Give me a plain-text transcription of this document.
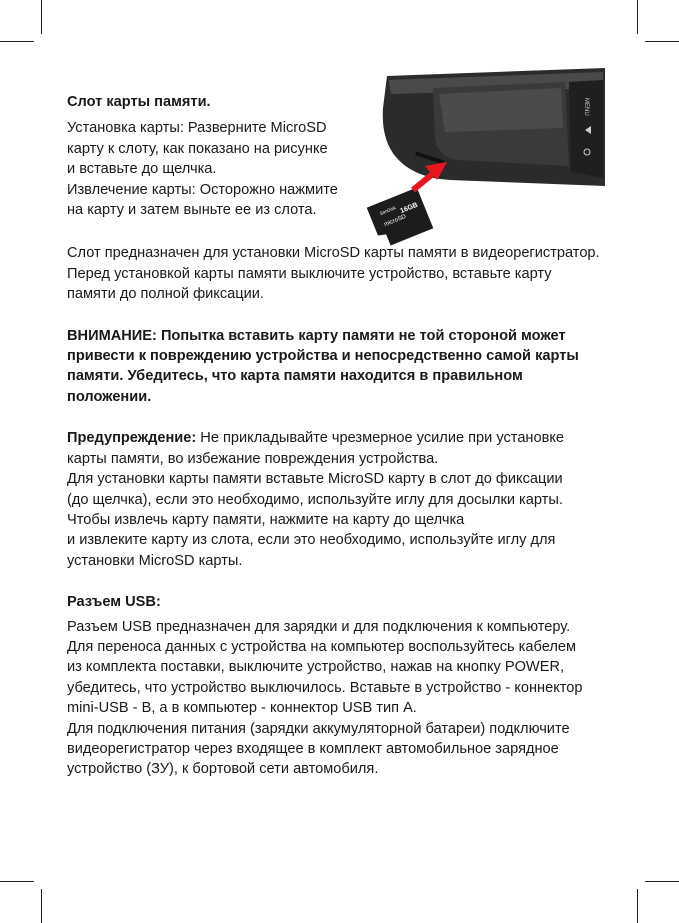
MENU
16GB
microSD
SanDisk

Слот карты памяти.

Установка карты: Разверните MicroSD

карту к слоту, как показано на рисунке

и вставьте до щелчка.

Извлечение карты: Осторожно нажмите

на карту и затем выньте ее из слота.

Слот предназначен для установки MicroSD карты памяти в видеорегистратор.

Перед установкой карты памяти выключите устройство, вставьте карту

памяти до полной фиксации.

ВНИМАНИЕ: Попытка вставить карту памяти не той стороной может

привести к повреждению устройства и непосредственно самой карты

памяти. Убедитесь, что карта памяти находится в правильном

положении.

Предупреждение: Не прикладывайте чрезмерное усилие при установке

карты памяти, во избежание повреждения устройства.

Для установки карты памяти вставьте MicroSD карту в слот до фиксации

(до щелчка), если это необходимо, используйте иглу для досылки карты.

Чтобы извлечь карту памяти, нажмите на карту до щелчка

и извлеките карту из слота, если это необходимо, используйте иглу для

установки MicroSD карты.

Разъем USB:

Разъем USB предназначен для зарядки и для подключения к компьютеру.

Для переноса данных с устройства на компьютер воспользуйтесь кабелем

из комплекта поставки, выключите устройство, нажав на кнопку POWER,

убедитесь, что устройство выключилось. Вставьте в устройство - коннектор

mini-USB - B, а в компьютер - коннектор USB тип А.

Для подключения питания (зарядки аккумуляторной батареи) подключите

видеорегистратор через входящее в комплект автомобильное зарядное

устройство (ЗУ), к бортовой сети автомобиля.
